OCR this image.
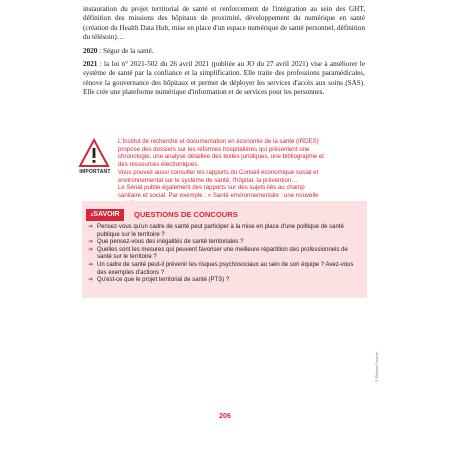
instauration du projet territorial de santé et renforcement de l'intégration au sein des GHT, définition des missions des hôpitaux de proximité, développement du numérique en santé (création du Health Data Hub, mise en place d'un espace numérique de santé personnel, définition du télésoin)…

2020 : Ségur de la santé.

2021 : la loi n° 2021-502 du 26 avril 2021 (publiée au JO du 27 avril 2021) vise à améliorer le système de santé par la confiance et la simplification. Elle traite des professions paramédicales, rénove la gouvernance des hôpitaux et permet de déployer les services d'accès aux soins (SAS). Elle crée une plateforme numérique d'information et de services pour les personnes.

IMPORTANT
L'Institut de recherche et documentation en économie de la santé (IRDES)
propose des dossiers sur les réformes hospitalières qui présentent une
chronologie, une analyse détaillée des textes juridiques, une bibliographie et
des ressources électroniques.
Vous pouvez aussi consulter les rapports du Conseil économique social et
environnemental sur le système de santé, l'hôpital, la prévention…
Le Sénat publie également des rapports sur des sujets liés au champ
sanitaire et social. Par exemple : « Santé environnementale : une nouvelle
$^À$SAVOIR	QUESTIONS DE CONCOURS
➔ Pensez-vous qu'un cadre de santé peut participer à la mise en place d'une politique de santé publique sur le territoire ?
➔ Que pensez-vous des inégalités de santé territoriales ?
➔ Quelles sont les mesures qui peuvent favoriser une meilleure répartition des professionnels de santé sur le territoire ?
➔ Un cadre de santé peut-il prévenir les risques psychosociaux au sein de son équipe ? Avez-vous des exemples d'actions ?
➔ Qu'est-ce que le projet territorial de santé (PTS) ?
© Éditions Foucher
206
